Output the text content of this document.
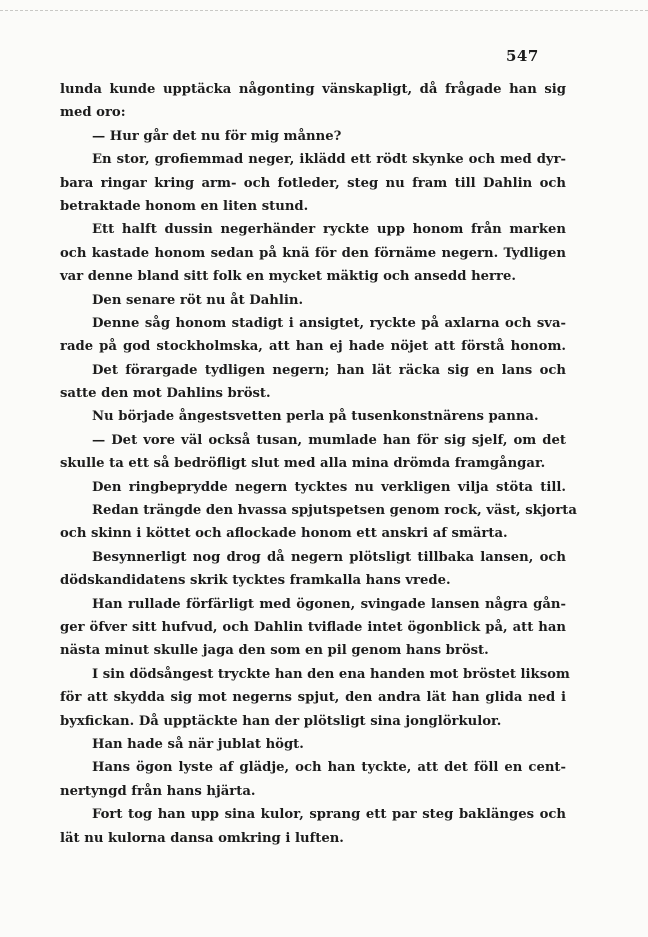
547
lunda kunde upptäcka någonting vänskapligt, då frågade han sig
med oro:
— Hur går det nu för mig månne?
En stor, grofiemmad neger, iklädd ett rödt skynke och med dyr-
bara ringar kring arm- och fotleder, steg nu fram till Dahlin och
betraktade honom en liten stund.
Ett halft dussin negerhänder ryckte upp honom från marken
och kastade honom sedan på knä för den förnäme negern. Tydligen
var denne bland sitt folk en mycket mäktig och ansedd herre.
Den senare röt nu åt Dahlin.
Denne såg honom stadigt i ansigtet, ryckte på axlarna och sva-
rade på god stockholmska, att han ej hade nöjet att förstå honom.
Det förargade tydligen negern; han lät räcka sig en lans och
satte den mot Dahlins bröst.
Nu började ångestsvetten perla på tusenkonstnärens panna.
— Det vore väl också tusan, mumlade han för sig sjelf, om det
skulle ta ett så bedröfligt slut med alla mina drömda framgångar.
Den ringbeprydde negern tycktes nu verkligen vilja stöta till.
Redan trängde den hvassa spjutspetsen genom rock, väst, skjorta
och skinn i köttet och aflockade honom ett anskri af smärta.
Besynnerligt nog drog då negern plötsligt tillbaka lansen, och
dödskandidatens skrik tycktes framkalla hans vrede.
Han rullade förfärligt med ögonen, svingade lansen några gån-
ger öfver sitt hufvud, och Dahlin tviflade intet ögonblick på, att han
nästa minut skulle jaga den som en pil genom hans bröst.
I sin dödsångest tryckte han den ena handen mot bröstet liksom
för att skydda sig mot negerns spjut, den andra lät han glida ned i
byxfickan. Då upptäckte han der plötsligt sina jonglörkulor.
Han hade så när jublat högt.
Hans ögon lyste af glädje, och han tyckte, att det föll en cent-
nertyngd från hans hjärta.
Fort tog han upp sina kulor, sprang ett par steg baklänges och
lät nu kulorna dansa omkring i luften.
